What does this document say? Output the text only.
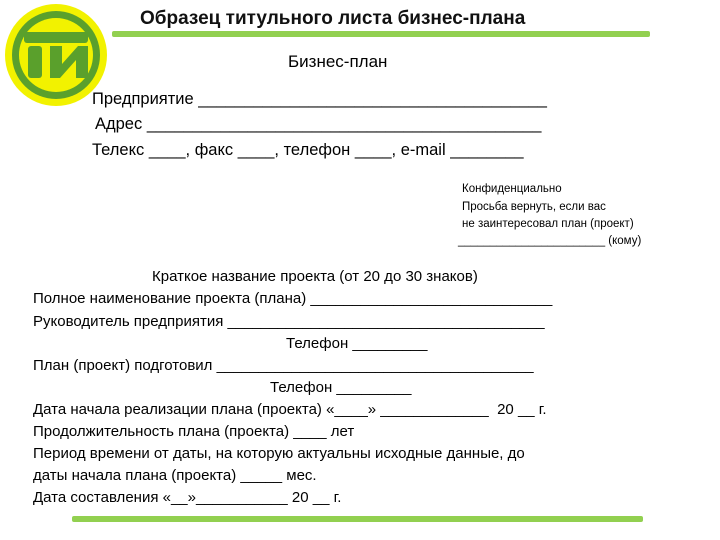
Образец титульного листа бизнес-плана
Бизнес-план
Предприятие ______________________________________
Адрес ___________________________________________
Телекс ____, факс ____, телефон ____, e-mail ________
Конфиденциально
Просьба вернуть, если вас
не заинтересовал план (проект)
_______________________ (кому)
Краткое название проекта (от 20 до 30 знаков)
Полное наименование проекта (плана) _____________________________
Руководитель предприятия ______________________________________
Телефон _________
План (проект) подготовил ______________________________________
Телефон _________
Дата начала реализации плана (проекта) «____» _____________  20 __ г.
Продолжительность плана (проекта) ____ лет
Период времени от даты, на которую актуальны исходные данные, до
даты начала плана (проекта) _____ мес.
Дата составления «__»___________ 20 __ г.
